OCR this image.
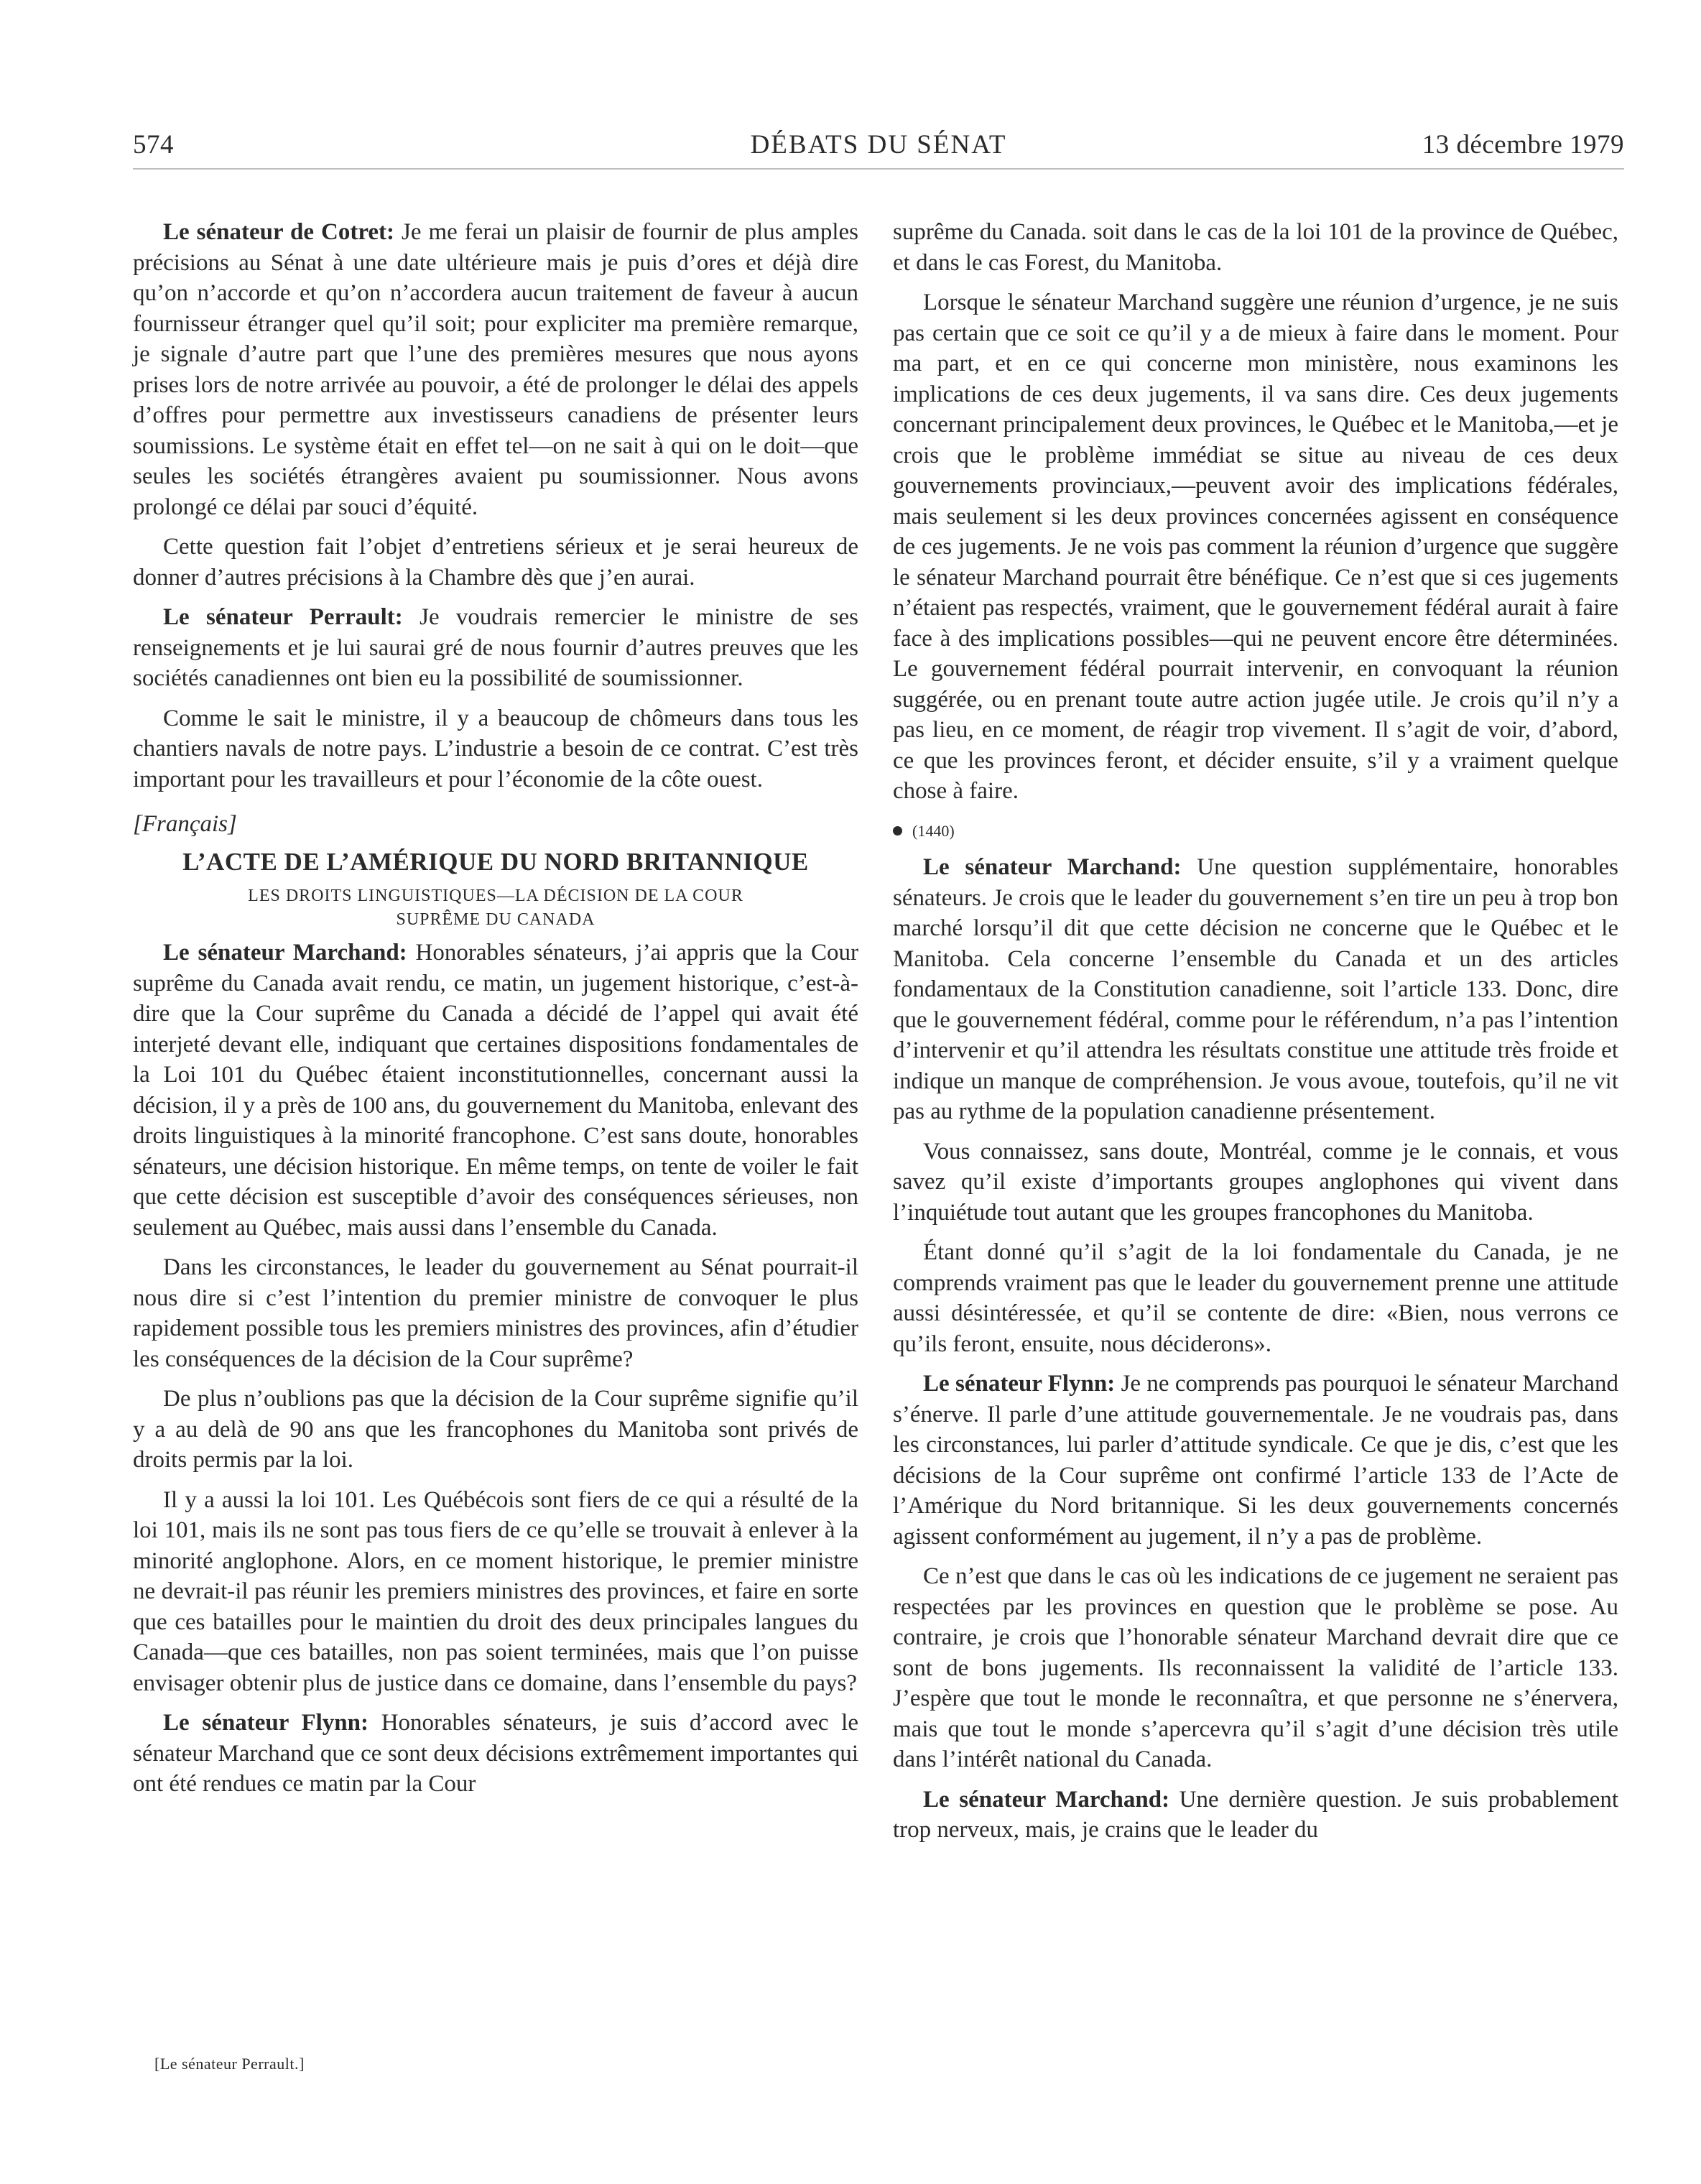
574	DÉBATS DU SÉNAT	13 décembre 1979

Le sénateur de Cotret: Je me ferai un plaisir de fournir de plus amples précisions au Sénat à une date ultérieure mais je puis d’ores et déjà dire qu’on n’accorde et qu’on n’accordera aucun traitement de faveur à aucun fournisseur étranger quel qu’il soit; pour expliciter ma première remarque, je signale d’autre part que l’une des premières mesures que nous ayons prises lors de notre arrivée au pouvoir, a été de prolonger le délai des appels d’offres pour permettre aux investisseurs canadiens de présenter leurs soumissions. Le système était en effet tel—on ne sait à qui on le doit—que seules les sociétés étrangères avaient pu soumissionner. Nous avons prolongé ce délai par souci d’équité.

Cette question fait l’objet d’entretiens sérieux et je serai heureux de donner d’autres précisions à la Chambre dès que j’en aurai.

Le sénateur Perrault: Je voudrais remercier le ministre de ses renseignements et je lui saurai gré de nous fournir d’autres preuves que les sociétés canadiennes ont bien eu la possibilité de soumissionner.

Comme le sait le ministre, il y a beaucoup de chômeurs dans tous les chantiers navals de notre pays. L’industrie a besoin de ce contrat. C’est très important pour les travailleurs et pour l’économie de la côte ouest.

[Français]

L’ACTE DE L’AMÉRIQUE DU NORD BRITANNIQUE
LES DROITS LINGUISTIQUES—LA DÉCISION DE LA COUR
SUPRÊME DU CANADA

Le sénateur Marchand: Honorables sénateurs, j’ai appris que la Cour suprême du Canada avait rendu, ce matin, un jugement historique, c’est-à-dire que la Cour suprême du Canada a décidé de l’appel qui avait été interjeté devant elle, indiquant que certaines dispositions fondamentales de la Loi 101 du Québec étaient inconstitutionnelles, concernant aussi la décision, il y a près de 100 ans, du gouvernement du Manitoba, enlevant des droits linguistiques à la minorité francophone. C’est sans doute, honorables sénateurs, une décision historique. En même temps, on tente de voiler le fait que cette décision est susceptible d’avoir des conséquences sérieuses, non seulement au Québec, mais aussi dans l’ensemble du Canada.

Dans les circonstances, le leader du gouvernement au Sénat pourrait-il nous dire si c’est l’intention du premier ministre de convoquer le plus rapidement possible tous les premiers ministres des provinces, afin d’étudier les conséquences de la décision de la Cour suprême?

De plus n’oublions pas que la décision de la Cour suprême signifie qu’il y a au delà de 90 ans que les francophones du Manitoba sont privés de droits permis par la loi.

Il y a aussi la loi 101. Les Québécois sont fiers de ce qui a résulté de la loi 101, mais ils ne sont pas tous fiers de ce qu’elle se trouvait à enlever à la minorité anglophone. Alors, en ce moment historique, le premier ministre ne devrait-il pas réunir les premiers ministres des provinces, et faire en sorte que ces batailles pour le maintien du droit des deux principales langues du Canada—que ces batailles, non pas soient terminées, mais que l’on puisse envisager obtenir plus de justice dans ce domaine, dans l’ensemble du pays?

Le sénateur Flynn: Honorables sénateurs, je suis d’accord avec le sénateur Marchand que ce sont deux décisions extrêmement importantes qui ont été rendues ce matin par la Cour

[Le sénateur Perrault.]

suprême du Canada. soit dans le cas de la loi 101 de la province de Québec, et dans le cas Forest, du Manitoba.

Lorsque le sénateur Marchand suggère une réunion d’urgence, je ne suis pas certain que ce soit ce qu’il y a de mieux à faire dans le moment. Pour ma part, et en ce qui concerne mon ministère, nous examinons les implications de ces deux jugements, il va sans dire. Ces deux jugements concernant principalement deux provinces, le Québec et le Manitoba,—et je crois que le problème immédiat se situe au niveau de ces deux gouvernements provinciaux,—peuvent avoir des implications fédérales, mais seulement si les deux provinces concernées agissent en conséquence de ces jugements. Je ne vois pas comment la réunion d’urgence que suggère le sénateur Marchand pourrait être bénéfique. Ce n’est que si ces jugements n’étaient pas respectés, vraiment, que le gouvernement fédéral aurait à faire face à des implications possibles—qui ne peuvent encore être déterminées. Le gouvernement fédéral pourrait intervenir, en convoquant la réunion suggérée, ou en prenant toute autre action jugée utile. Je crois qu’il n’y a pas lieu, en ce moment, de réagir trop vivement. Il s’agit de voir, d’abord, ce que les provinces feront, et décider ensuite, s’il y a vraiment quelque chose à faire.

(1440)

Le sénateur Marchand: Une question supplémentaire, honorables sénateurs. Je crois que le leader du gouvernement s’en tire un peu à trop bon marché lorsqu’il dit que cette décision ne concerne que le Québec et le Manitoba. Cela concerne l’ensemble du Canada et un des articles fondamentaux de la Constitution canadienne, soit l’article 133. Donc, dire que le gouvernement fédéral, comme pour le référendum, n’a pas l’intention d’intervenir et qu’il attendra les résultats constitue une attitude très froide et indique un manque de compréhension. Je vous avoue, toutefois, qu’il ne vit pas au rythme de la population canadienne présentement.

Vous connaissez, sans doute, Montréal, comme je le connais, et vous savez qu’il existe d’importants groupes anglophones qui vivent dans l’inquiétude tout autant que les groupes francophones du Manitoba.

Étant donné qu’il s’agit de la loi fondamentale du Canada, je ne comprends vraiment pas que le leader du gouvernement prenne une attitude aussi désintéressée, et qu’il se contente de dire: «Bien, nous verrons ce qu’ils feront, ensuite, nous déciderons».

Le sénateur Flynn: Je ne comprends pas pourquoi le sénateur Marchand s’énerve. Il parle d’une attitude gouvernementale. Je ne voudrais pas, dans les circonstances, lui parler d’attitude syndicale. Ce que je dis, c’est que les décisions de la Cour suprême ont confirmé l’article 133 de l’Acte de l’Amérique du Nord britannique. Si les deux gouvernements concernés agissent conformément au jugement, il n’y a pas de problème.

Ce n’est que dans le cas où les indications de ce jugement ne seraient pas respectées par les provinces en question que le problème se pose. Au contraire, je crois que l’honorable sénateur Marchand devrait dire que ce sont de bons jugements. Ils reconnaissent la validité de l’article 133. J’espère que tout le monde le reconnaîtra, et que personne ne s’énervera, mais que tout le monde s’apercevra qu’il s’agit d’une décision très utile dans l’intérêt national du Canada.

Le sénateur Marchand: Une dernière question. Je suis probablement trop nerveux, mais, je crains que le leader du
